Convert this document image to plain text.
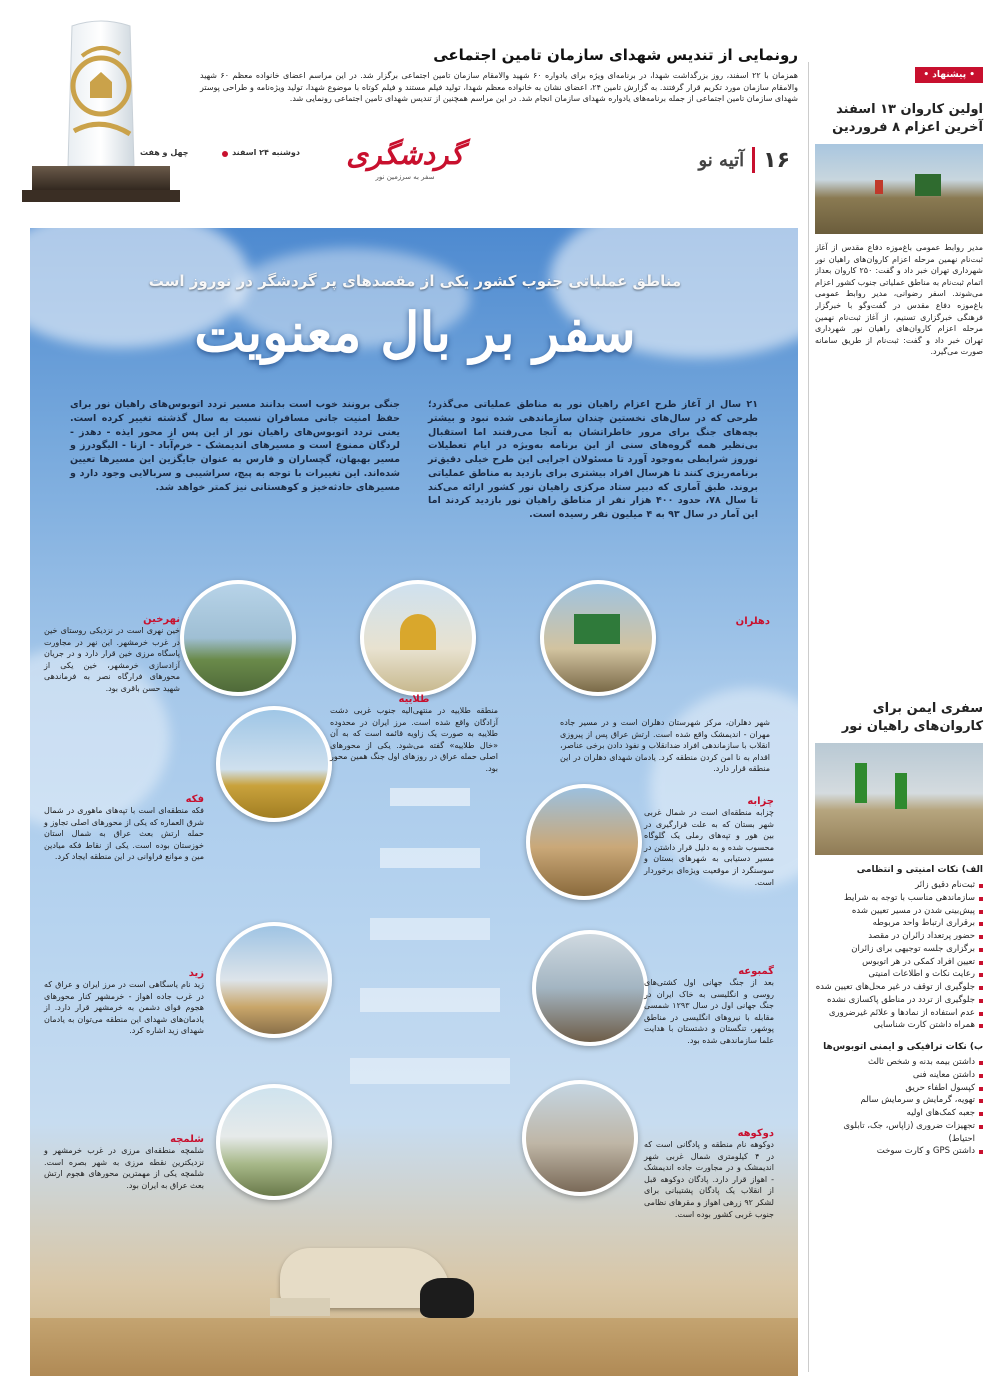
چهل و هفت	دوشنبه ۲۴ اسفند
رونمایی از تندیس شهدای سازمان تامین اجتماعی
همزمان با ۲۲ اسفند، روز بزرگداشت شهدا، در برنامه‌ای ویژه برای یادواره ۶۰ شهید والامقام سازمان تامین اجتماعی برگزار شد. در این مراسم اعضای خانواده معظم ۶۰ شهید والامقام سازمان مورد تکریم قرار گرفتند. به گزارش تامین ۲۴، اعضای نشان به خانواده معظم شهدا، تولید فیلم مستند و فیلم کوتاه با موضوع شهدا، تولید ویژه‌نامه و طراحی پوستر شهدای سازمان تامین اجتماعی از جمله برنامه‌های یادواره شهدای سازمان انجام شد. در این مراسم همچنین از تندیس شهدای تامین اجتماعی رونمایی شد.
۱۶
آتیه نو
گردشگری
سفر به سرزمین نور
• پیشنهاد •
اولین کاروان ۱۳ اسفند آخرین اعزام ۸ فروردین
مدیر روابط عمومی باغ‌موزه دفاع مقدس از آغاز ثبت‌نام نهمین مرحله اعزام کاروان‌های راهیان نور شهرداری تهران خبر داد و گفت: ۲۵۰ کاروان بعداز اتمام ثبت‌نام به مناطق عملیاتی جنوب کشور اعزام می‌شوند. اسفر رضوانی، مدیر روابط عمومی باغ‌موزه دفاع مقدس در گفت‌وگو با خبرگزار فرهنگی خبرگزاری تسنیم، از آغاز ثبت‌نام نهمین مرحله اعزام کاروان‌های راهیان نور شهرداری تهران خبر داد و گفت: ثبت‌نام از طریق سامانه صورت می‌گیرد.
سفری ایمن برای کاروان‌های راهیان نور
الف) نکات امنیتی و انتظامی
ثبت‌نام دقیق زائر
سازماندهی مناسب با توجه به شرایط
پیش‌بینی شدن در مسیر تعیین شده
برقراری ارتباط واحد مربوطه
حضور پر‌تعداد زائران در مقصد
برگزاری جلسه توجیهی برای زائران
تعیین افراد کمکی در هر اتوبوس
رعایت نکات و اطلاعات امنیتی
جلوگیری از توقف در غیر محل‌های تعیین شده
جلوگیری از تردد در مناطق پاکسازی نشده
عدم استفاده از نمادها و علائم غیرضروری
همراه داشتن کارت شناسایی
ب) نکات ترافیکی و ایمنی اتوبوس‌ها
داشتن بیمه بدنه و شخص ثالث
داشتن معاینه فنی
کپسول اطفاء حریق
تهویه، گرمایش و سرمایش سالم
جعبه کمک‌های اولیه
تجهیزات ضروری (زاپاس، جک، تابلوی احتیاط)
داشتن GPS و کارت سوخت
مناطق عملیاتی جنوب کشور یکی از مقصدهای پر گردشگر در نوروز است
سفر بر بال معنویت
۲۱ سال از آغاز طرح اعزام راهیان نور به مناطق عملیاتی می‌گذرد؛ طرحی که در سال‌های نخستین چندان سازماندهی شده نبود و بیشتر بچه‌های جنگ برای مرور خاطراتشان به آنجا می‌رفتند اما استقبال بی‌نظیر همه گروه‌های سنی از این برنامه به‌ویژه در ایام تعطیلات نوروز شرایطی به‌وجود آورد تا مسئولان اجرایی این طرح خیلی دقیق‌تر برنامه‌ریزی کنند تا هرسال افراد بیشتری برای بازدید به مناطق عملیاتی بروند. طبق آماری که دبیر ستاد مرکزی راهیان نور کشور ارائه می‌کند تا سال ۷۸، حدود ۴۰۰ هزار نفر از مناطق راهیان نور بازدید کردند اما این آمار در سال ۹۳ به ۴ میلیون نفر رسیده است.
جنگی برونند خوب است بدانند مسیر تردد اتوبوس‌های راهیان نور برای حفظ امنیت جانی مسافران نسبت به سال گذشته تغییر کرده است. یعنی تردد اتوبوس‌های راهیان نور از این پس از محور ایذه - دهدز - لردگان ممنوع است و مسیرهای اندیمشک - خرم‌آباد - ازنا - الیگودرز و مسیر بهبهان، گچساران و فارس به عنوان جایگزین این مسیرها تعیین شده‌اند. این تغییرات با توجه به پیچ، سراشیبی و سربالایی وجود دارد و مسیرهای حادثه‌خیز و کوهستانی نیز کمتر خواهد شد.
دهلران
شهر دهلران، مرکز شهرستان دهلران است و در مسیر جاده مهران - اندیمشک واقع شده است. ارتش عراق پس از پیروزی انقلاب با سازماندهی افراد ضدانقلاب و نفوذ دادن برخی عناصر، اقدام به نا امن کردن منطقه کرد. یادمان شهدای دهلران در این منطقه قرار دارد.
طلاییه
منطقه طلاییه در منتهی‌الیه جنوب غربی دشت آزادگان واقع شده است. مرز ایران در محدوده طلاییه به صورت یک زاویه قائمه است که به آن «خال طلاییه» گفته می‌شود. یکی از محورهای اصلی حمله عراق در روزهای اول جنگ همین محور بود.
نهرخین
خین نهری است در نزدیکی روستای خین در غرب خرمشهر. این نهر در مجاورت پاسگاه مرزی خین قرار دارد و در جریان آزادسازی خرمشهر، خین یکی از محورهای فرارگاه نصر به فرماندهی شهید حسن باقری بود.
چزابه
چزابه منطقه‌ای است در شمال غربی شهر بستان که به علت قرارگیری در بین هور و تپه‌های رملی یک گلوگاه محسوب شده و به دلیل قرار داشتن در مسیر دستیابی به شهرهای بستان و سوسنگرد از موقعیت ویژه‌ای برخوردار است.
فکه
فکه منطقه‌ای است با تپه‌های ماهوری در شمال شرق العماره که یکی از محورهای اصلی تجاوز و حمله ارتش بعث عراق به شمال استان خوزستان بوده است. یکی از نقاط فکه میادین مین و موانع فراوانی در این منطقه ایجاد کرد.
گمبوعه
بعد از جنگ جهانی اول کشتی‌های روسی و انگلیسی به خاک ایران در جنگ جهانی اول در سال ۱۲۹۳ شمسی مقابله با نیروهای انگلیسی در مناطق پوشهر، تنگستان و دشتستان با هدایت علما سازماندهی شده بود.
زید
زید نام یاسگاهی است در مرز ایران و عراق که در غرب جاده اهواز - خرمشهر کنار محورهای هجوم قوای دشمن به خرمشهر قرار دارد. از یادمان‌های شهدای این منطقه می‌توان به یادمان شهدای زید اشاره کرد.
شلمچه
شلمچه منطقه‌ای مرزی در غرب خرمشهر و نزدیکترین نقطه مرزی به شهر بصره است. شلمچه یکی از مهمترین محورهای هجوم ارتش بعث عراق به ایران بود.
دوکوهه
دوکوهه نام منطقه و پادگانی است که در ۴ کیلومتری شمال غربی شهر اندیمشک و در مجاورت جاده اندیمشک - اهواز قرار دارد. پادگان دوکوهه قبل از انقلاب یک پادگان پشتیبانی برای لشکر ۹۲ زرهی اهواز و مقرهای نظامی جنوب غربی کشور بوده است.
